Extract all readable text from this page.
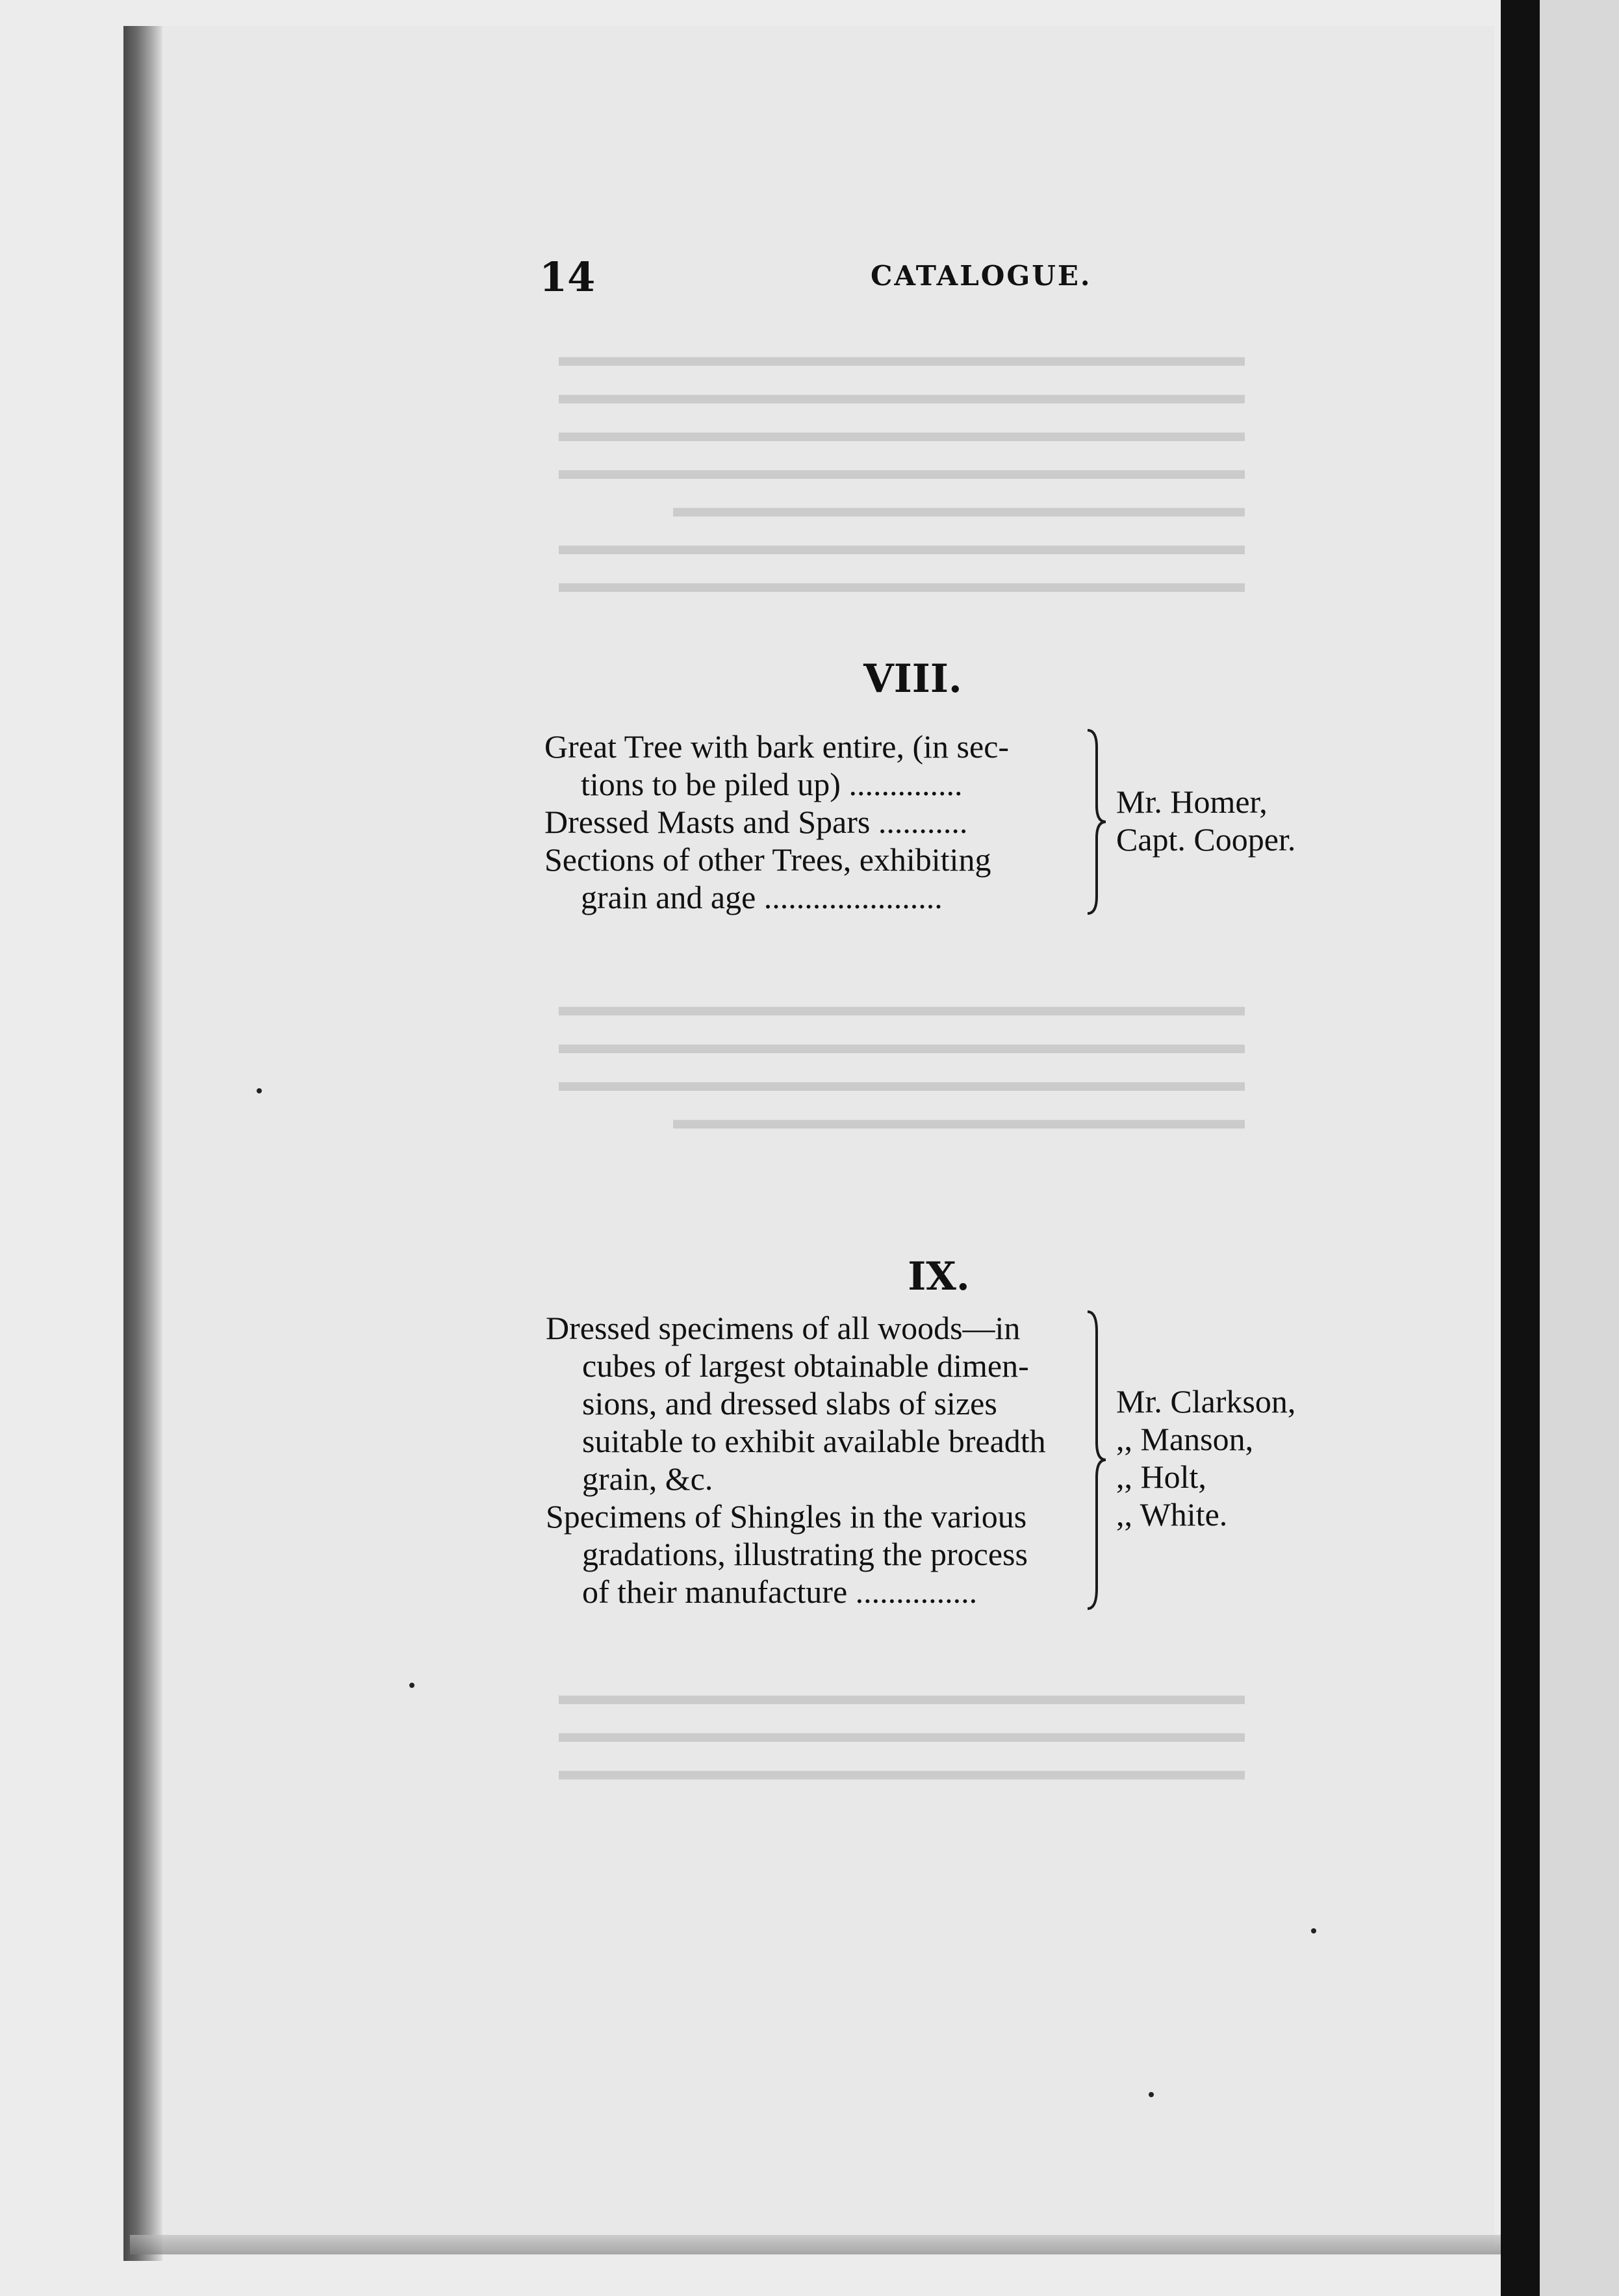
▬▬▬▬▬▬▬▬▬▬▬▬▬▬▬▬▬▬▬▬▬▬▬▬
▬▬▬▬▬▬▬▬▬▬▬▬▬▬▬▬▬▬▬▬▬▬▬▬
▬▬▬▬▬▬▬▬▬▬▬▬▬▬▬▬▬▬▬▬▬▬▬▬
▬▬▬▬▬▬▬▬▬▬▬▬▬▬▬▬▬▬▬▬▬▬▬▬
▬▬▬▬▬▬▬▬▬▬▬▬▬▬▬▬▬▬▬▬
▬▬▬▬▬▬▬▬▬▬▬▬▬▬▬▬▬▬▬▬▬▬▬▬
▬▬▬▬▬▬▬▬▬▬▬▬▬▬▬▬▬▬▬▬▬▬▬▬
▬▬▬▬▬▬▬▬▬▬▬▬▬▬▬▬▬▬▬▬▬▬▬▬
▬▬▬▬▬▬▬▬▬▬▬▬▬▬▬▬▬▬▬▬▬▬▬▬
▬▬▬▬▬▬▬▬▬▬▬▬▬▬▬▬▬▬▬▬▬▬▬▬
▬▬▬▬▬▬▬▬▬▬▬▬▬▬▬▬▬▬▬▬
▬▬▬▬▬▬▬▬▬▬▬▬▬▬▬▬▬▬▬▬▬▬▬▬
▬▬▬▬▬▬▬▬▬▬▬▬▬▬▬▬▬▬▬▬▬▬▬▬
▬▬▬▬▬▬▬▬▬▬▬▬▬▬▬▬▬▬▬▬▬▬▬▬
14	CATALOGUE.
VIII.
Great Tree with bark entire, (in sec-
tions to be piled up) ..............
Dressed Masts and Spars ...........
Sections of other Trees, exhibiting
grain and age ......................
Mr. Homer,
Capt. Cooper.
IX.
Dressed specimens of all woods—in
cubes of largest obtainable dimen-
sions, and dressed slabs of sizes
suitable to exhibit available breadth
grain, &c.
Specimens of Shingles in the various
gradations, illustrating the process
of their manufacture ...............
Mr. Clarkson,
,, Manson,
,, Holt,
,, White.
